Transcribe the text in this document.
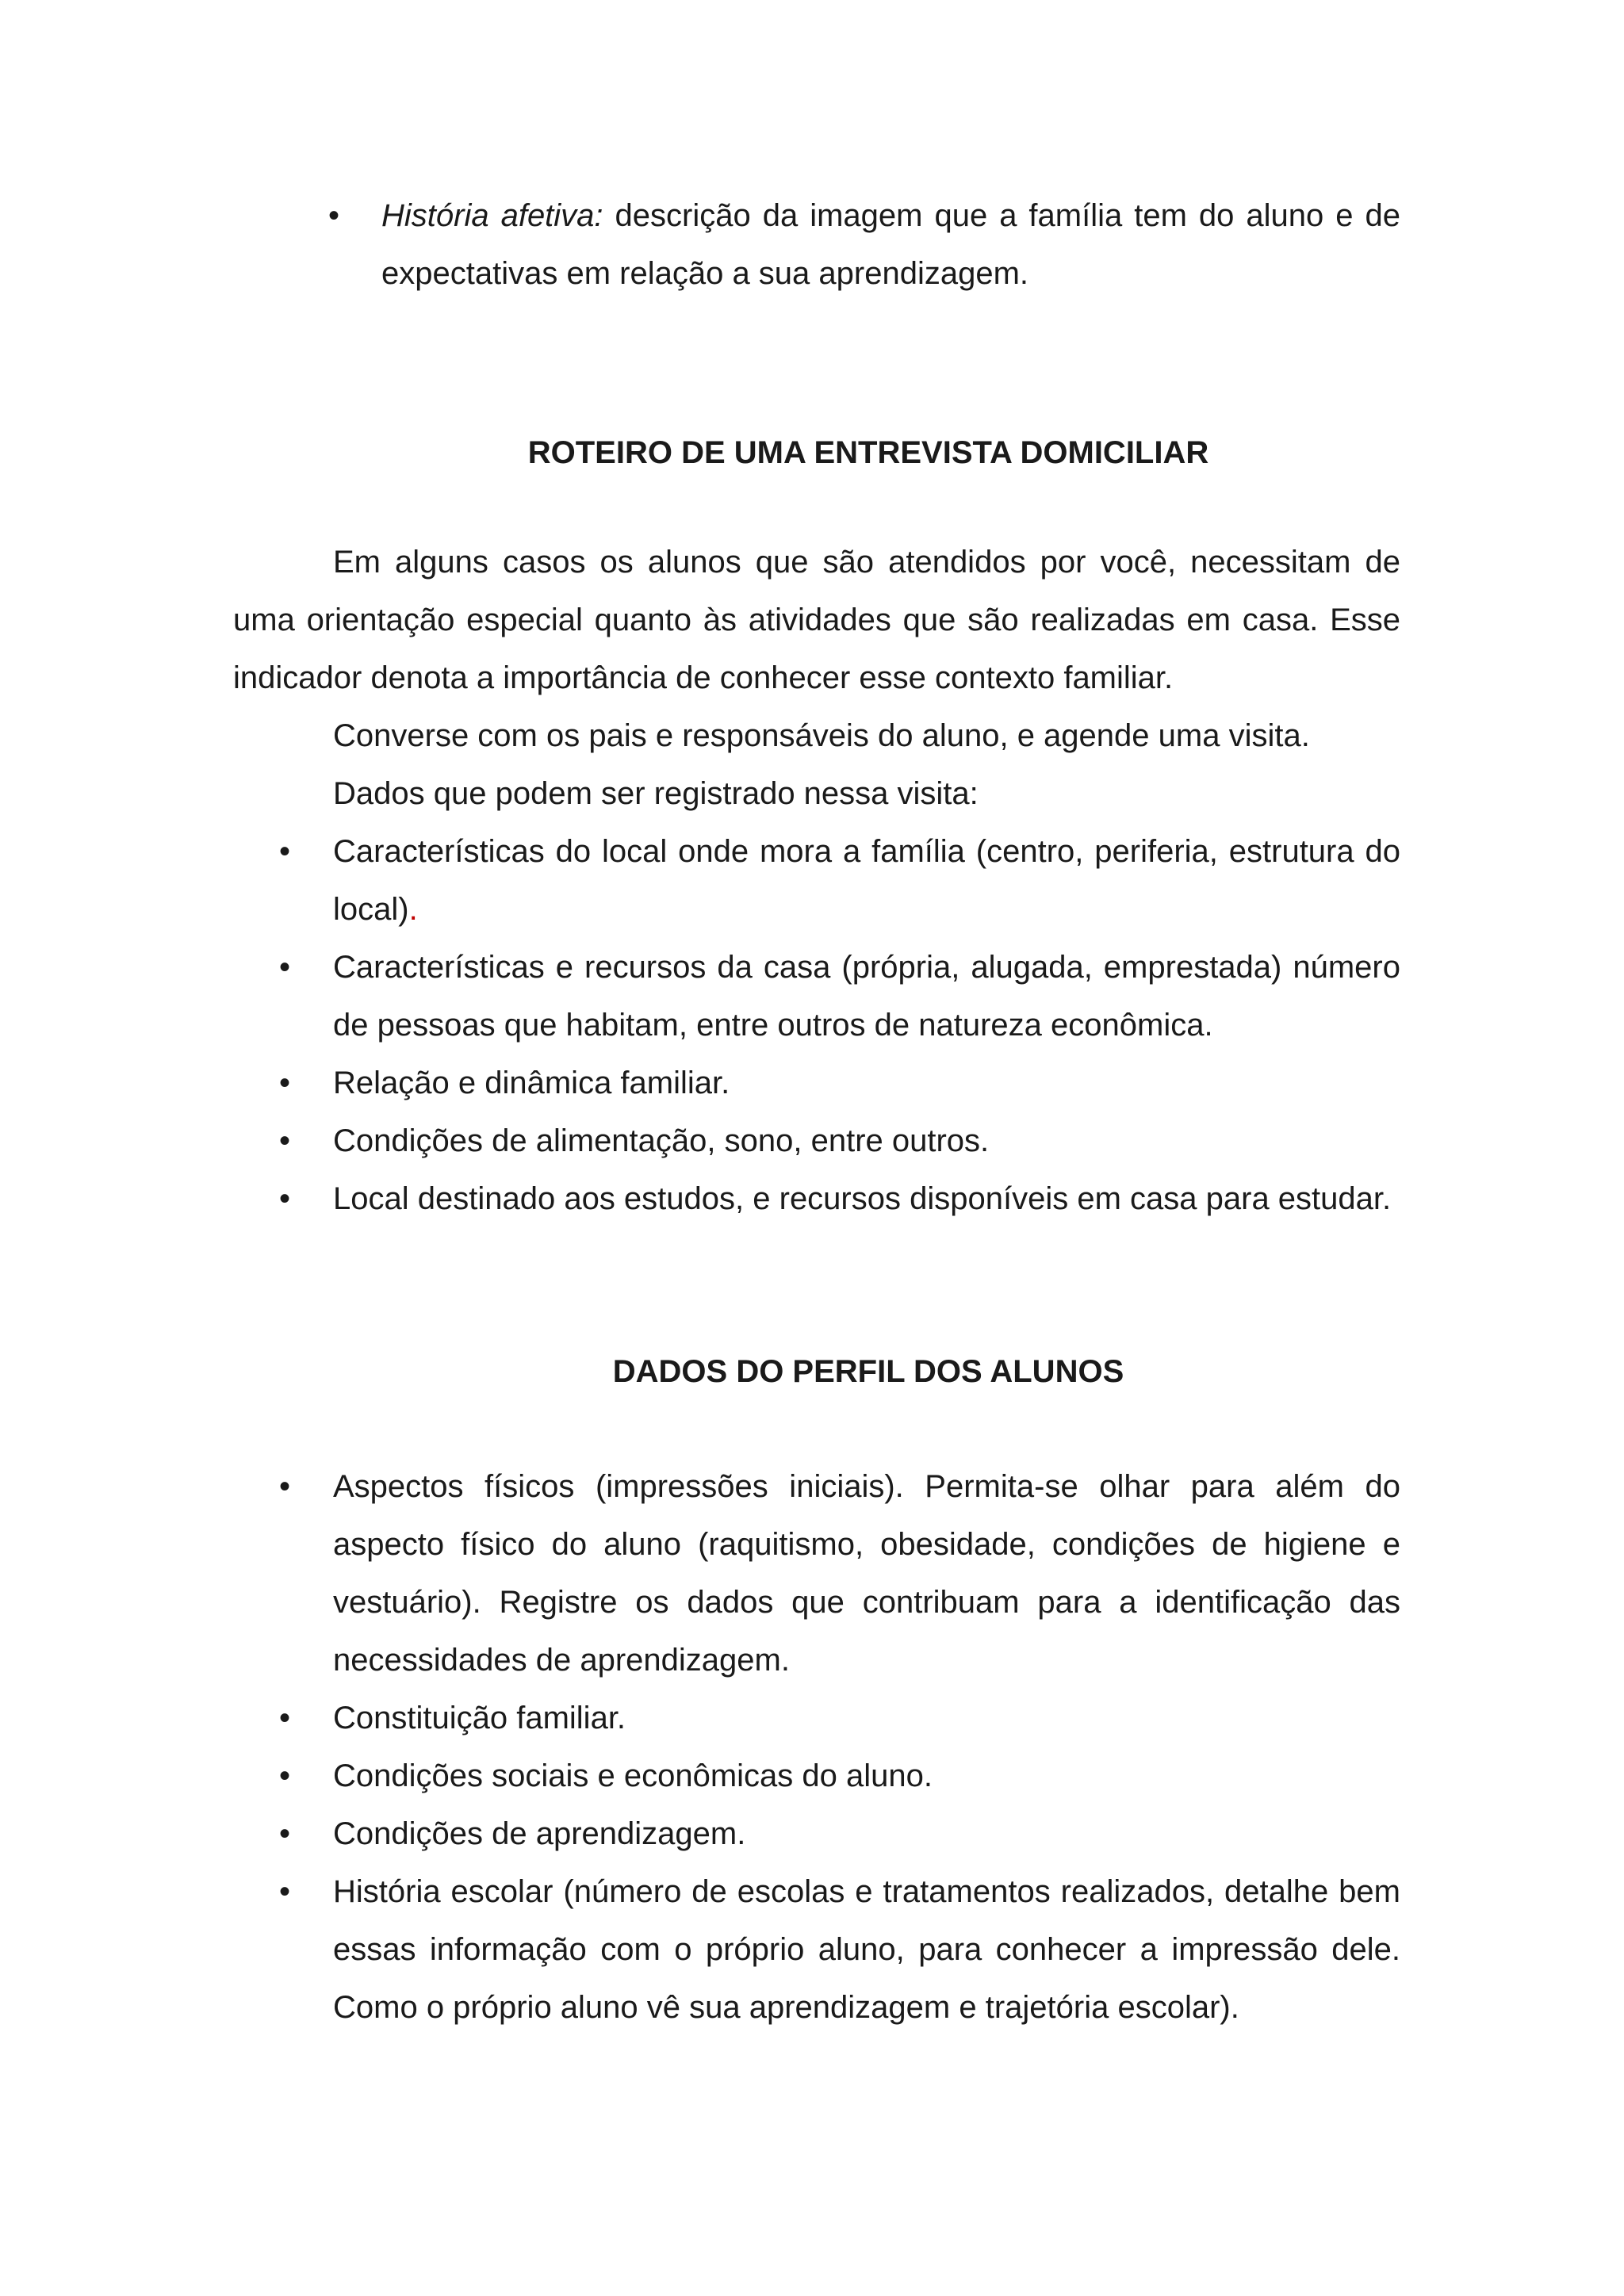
• História afetiva: descrição da imagem que a família tem do aluno e de expectativas em relação a sua aprendizagem.
ROTEIRO DE UMA ENTREVISTA DOMICILIAR

Em alguns casos os alunos que são atendidos por você, necessitam de uma orientação especial quanto às atividades que são realizadas em casa. Esse indicador denota a importância de conhecer esse contexto familiar.

Converse com os pais e responsáveis do aluno, e agende uma visita.

Dados que podem ser registrado nessa visita:

• Características do local onde mora a família (centro, periferia, estrutura do local).
• Características e recursos da casa (própria, alugada, emprestada) número de pessoas que habitam, entre outros de natureza econômica.
• Relação e dinâmica familiar.
• Condições de alimentação, sono, entre outros.
• Local destinado aos estudos, e recursos disponíveis em casa para estudar.
DADOS DO PERFIL DOS ALUNOS
• Aspectos físicos (impressões iniciais). Permita-se olhar para além do aspecto físico do aluno (raquitismo, obesidade, condições de higiene e vestuário). Registre os dados que contribuam para a identificação das necessidades de aprendizagem.
• Constituição familiar.
• Condições sociais e econômicas do aluno.
• Condições de aprendizagem.
• História escolar (número de escolas e tratamentos realizados, detalhe bem essas informação com o próprio aluno, para conhecer a impressão dele. Como o próprio aluno vê sua aprendizagem e trajetória escolar).
